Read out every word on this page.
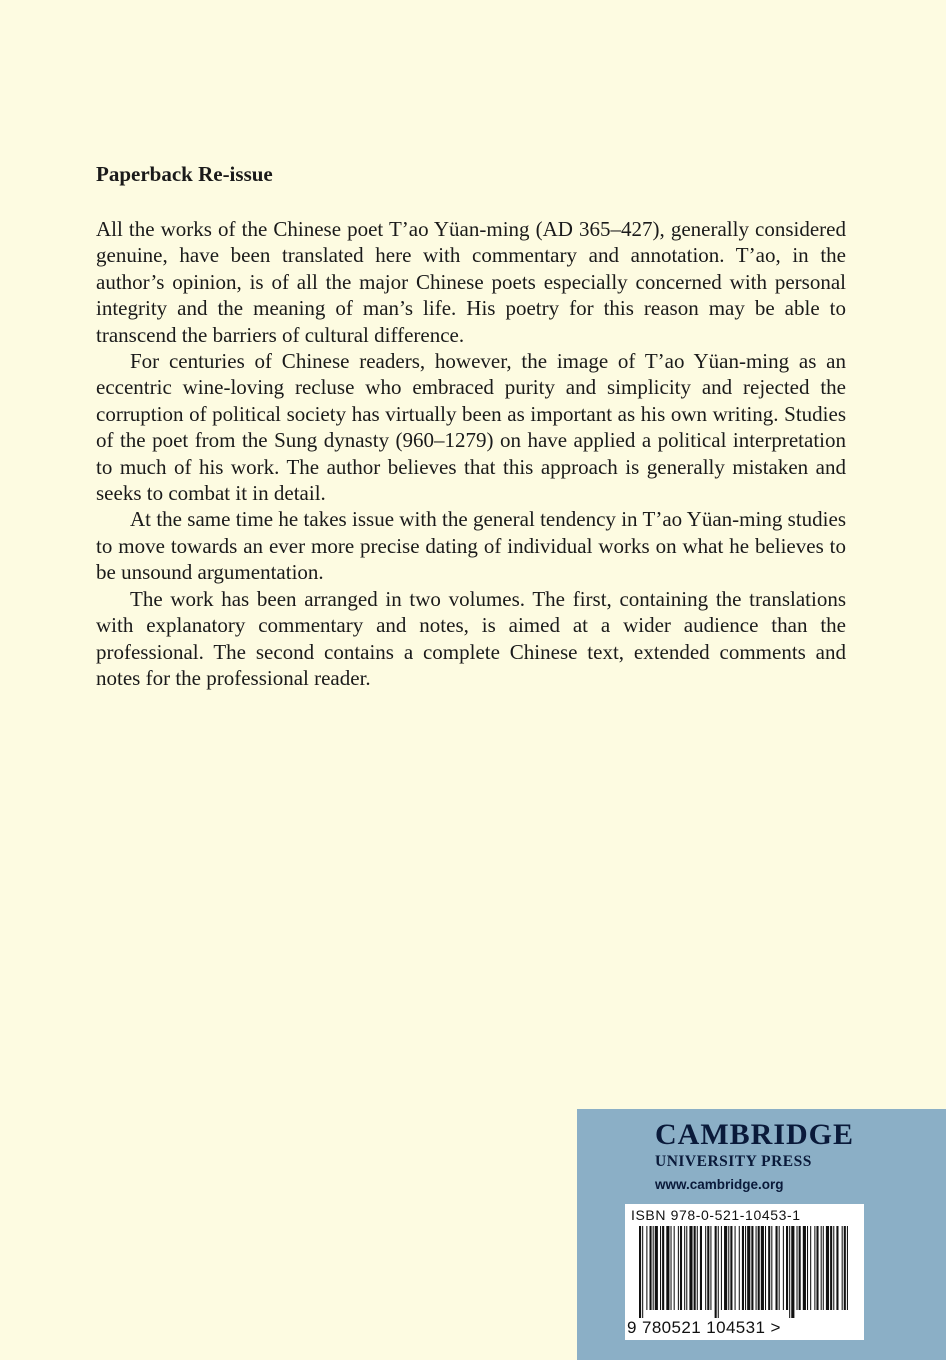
Paperback Re-issue

All the works of the Chinese poet T’ao Yüan-ming (AD 365–427), generally considered genuine, have been translated here with commentary and annotation. T’ao, in the author’s opinion, is of all the major Chinese poets especially concerned with personal integrity and the meaning of man’s life. His poetry for this reason may be able to transcend the barriers of cultural difference.

For centuries of Chinese readers, however, the image of T’ao Yüan-ming as an eccentric wine-loving recluse who embraced purity and simplicity and rejected the corruption of political society has virtually been as important as his own writing. Studies of the poet from the Sung dynasty (960–1279) on have applied a political interpretation to much of his work. The author believes that this approach is generally mistaken and seeks to combat it in detail.

At the same time he takes issue with the general tendency in T’ao Yüan-ming studies to move towards an ever more precise dating of individual works on what he believes to be unsound argumentation.

The work has been arranged in two volumes. The first, containing the translations with explanatory commentary and notes, is aimed at a wider audience than the professional. The second contains a complete Chinese text, extended comments and notes for the professional reader.

CAMBRIDGE
UNIVERSITY PRESS
www.cambridge.org
ISBN 978-0-521-10453-1
9 780521 104531 >
